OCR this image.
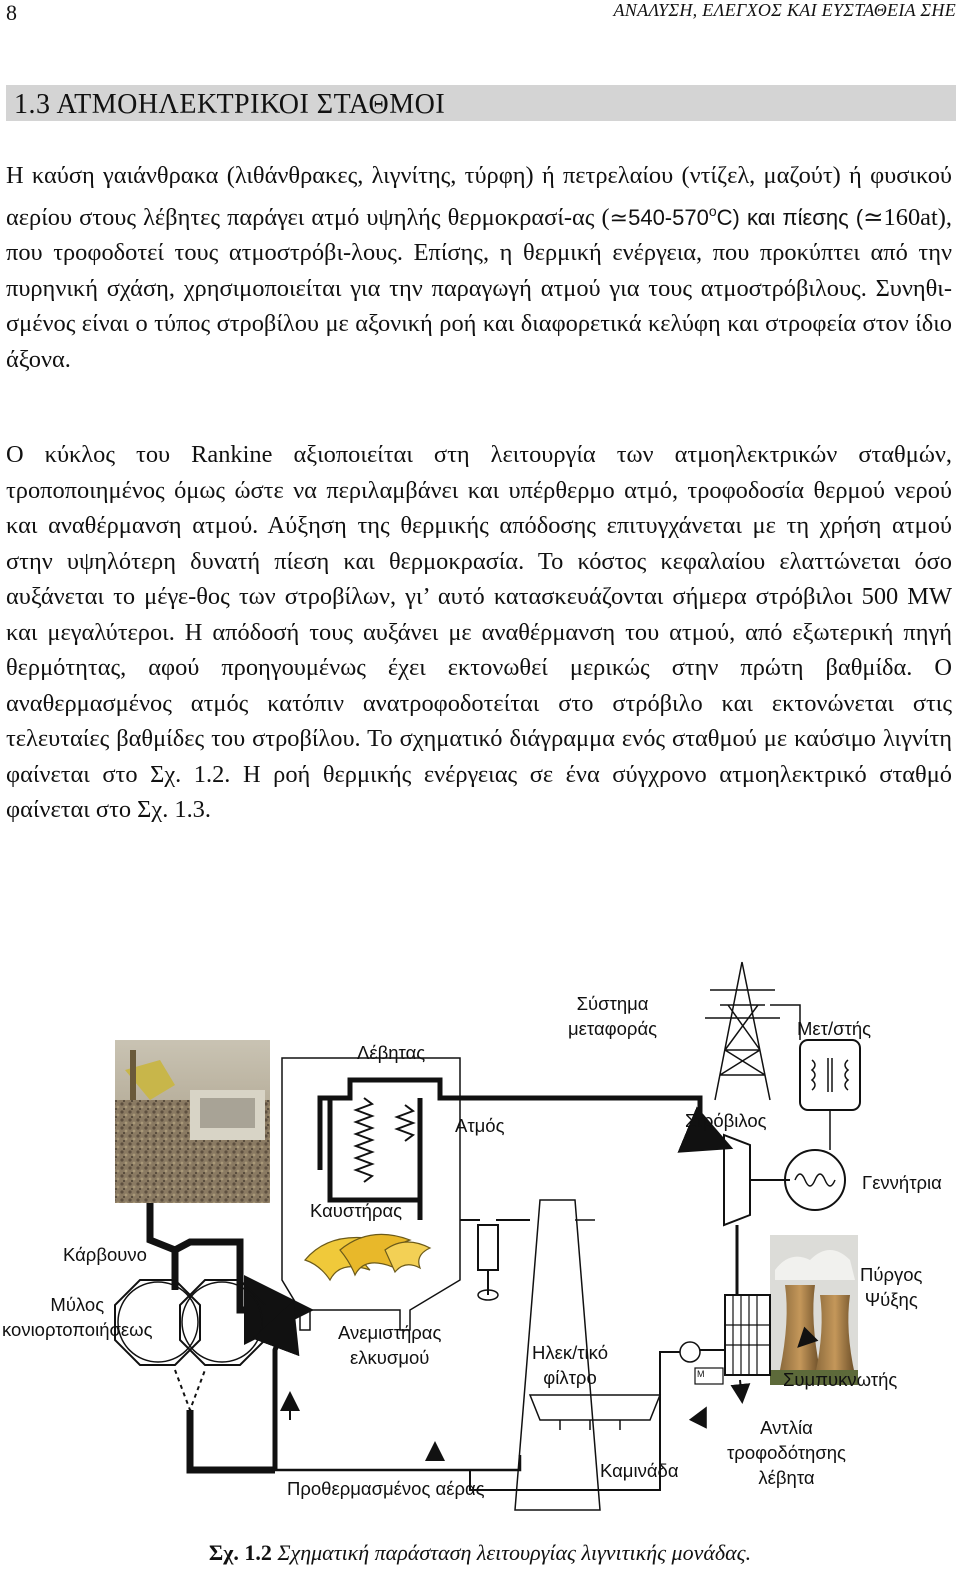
8	ΑΝΑΛΥΣΗ, ΕΛΕΓΧΟΣ ΚΑΙ ΕΥΣΤΑΘΕΙΑ ΣΗΕ
1.3 ΑΤΜΟΗΛΕΚΤΡΙΚΟΙ ΣΤΑΘΜΟΙ

Η καύση γαιάνθρακα (λιθάνθρακες, λιγνίτης, τύρφη) ή πετρελαίου (ντίζελ, μαζούτ) ή φυσικού αερίου στους λέβητες παράγει ατμό υψηλής θερμοκρασί-ας (≃540-570$^o$C) και πίεσης (≃160at), που τροφοδοτεί τους ατμοστρόβι-λους. Επίσης, η θερμική ενέργεια, που προκύπτει από την πυρηνική σχάση, χρησιμοποιείται για την παραγωγή ατμού για τους ατμοστρόβιλους. Συνηθι-σμένος είναι ο τύπος στροβίλου με αξονική ροή και διαφορετικά κελύφη και στροφεία στον ίδιο άξονα.

Ο κύκλος του Rankine αξιοποιείται στη λειτουργία των ατμοηλεκτρικών σταθμών, τροποποιημένος όμως ώστε να περιλαμβάνει και υπέρθερμο ατμό, τροφοδοσία θερμού νερού και αναθέρμανση ατμού. Αύξηση της θερμικής απόδοσης επιτυγχάνεται με τη χρήση ατμού στην υψηλότερη δυνατή πίεση και θερμοκρασία. Το κόστος κεφαλαίου ελαττώνεται όσο αυξάνεται το μέγε-θος των στροβίλων, γι’ αυτό κατασκευάζονται σήμερα στρόβιλοι 500 MW και μεγαλύτεροι. Η απόδοσή τους αυξάνει με αναθέρμανση του ατμού, από εξωτερική πηγή θερμότητας, αφού προηγουμένως έχει εκτονωθεί μερικώς στην πρώτη βαθμίδα. Ο αναθερμασμένος ατμός κατόπιν ανατροφοδοτείται στο στρόβιλο και εκτονώνεται στις τελευταίες βαθμίδες του στροβίλου. Το σχηματικό διάγραμμα ενός σταθμού με καύσιμο λιγνίτη φαίνεται στο Σχ. 1.2. Η ροή θερμικής ενέργειας σε ένα σύγχρονο ατμοηλεκτρικό σταθμό φαίνεται στο Σχ. 1.3.

Σύστημα
μεταφοράς	Μετ/στής
Λέβητας
Ατμός	Στρόβιλος
Γεννήτρια
Καυστήρας
Κάρβουνο
Μύλος
κονιορτοποιήσεως
Πύργος
Ψύξης
Ανεμιστήρας
ελκυσμού	Ηλεκ/τικό
φίλτρο	Συμπυκνωτής
M
Αντλία
τροφοδότησης
λέβητα
Καμινάδα
Προθερμασμένος αέρας
Σχ. 1.2 Σχηματική παράσταση λειτουργίας λιγνιτικής μονάδας.
